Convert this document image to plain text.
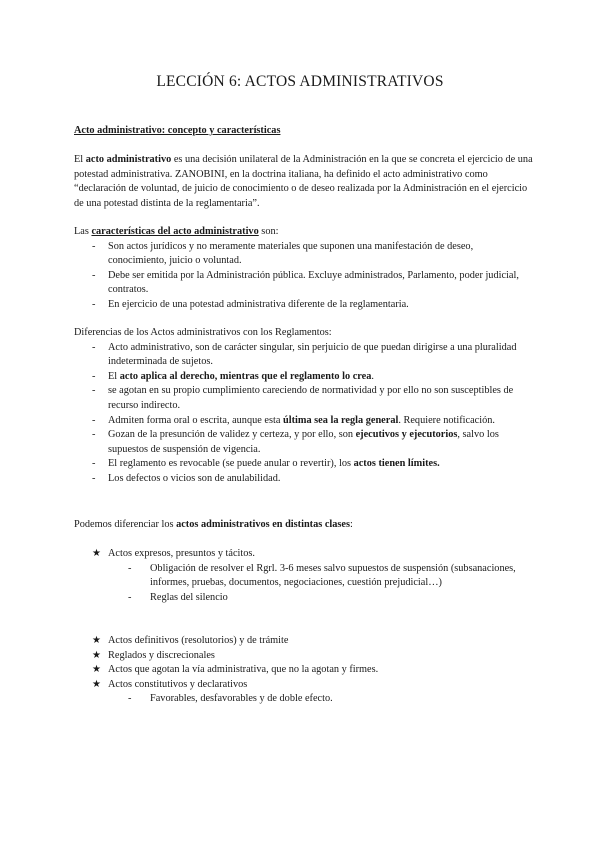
LECCIÓN 6: ACTOS ADMINISTRATIVOS
Acto administrativo: concepto y características

El acto administrativo es una decisión unilateral de la Administración en la que se concreta el ejercicio de una potestad administrativa. ZANOBINI, en la doctrina italiana, ha definido el acto administrativo como “declaración de voluntad, de juicio de conocimiento o de deseo realizada por la Administración en el ejercicio de una potestad distinta de la reglamentaria”.

Las características del acto administrativo son:
- Son actos jurídicos y no meramente materiales que suponen una manifestación de deseo, conocimiento, juicio o voluntad.
- Debe ser emitida por la Administración pública. Excluye administrados, Parlamento, poder judicial, contratos.
- En ejercicio de una potestad administrativa diferente de la reglamentaria.
Diferencias de los Actos administrativos con los Reglamentos:
- Acto administrativo, son de carácter singular, sin perjuicio de que puedan dirigirse a una pluralidad indeterminada de sujetos.
- El acto aplica al derecho, mientras que el reglamento lo crea.
- se agotan en su propio cumplimiento careciendo de normatividad y por ello no son susceptibles de recurso indirecto.
- Admiten forma oral o escrita, aunque esta última sea la regla general. Requiere notificación.
- Gozan de la presunción de validez y certeza, y por ello, son ejecutivos y ejecutorios, salvo los supuestos de suspensión de vigencia.
- El reglamento es revocable (se puede anular o revertir), los actos tienen límites.
- Los defectos o vicios son de anulabilidad.
Podemos diferenciar los actos administrativos en distintas clases:
★ Actos expresos, presuntos y tácitos.
- Obligación de resolver el Rgrl. 3-6 meses salvo supuestos de suspensión (subsanaciones, informes, pruebas, documentos, negociaciones, cuestión prejudicial…)
- Reglas del silencio
★ Actos definitivos (resolutorios) y de trámite
★ Reglados y discrecionales
★ Actos que agotan la vía administrativa, que no la agotan y firmes.
★ Actos constitutivos y declarativos
- Favorables, desfavorables y de doble efecto.
